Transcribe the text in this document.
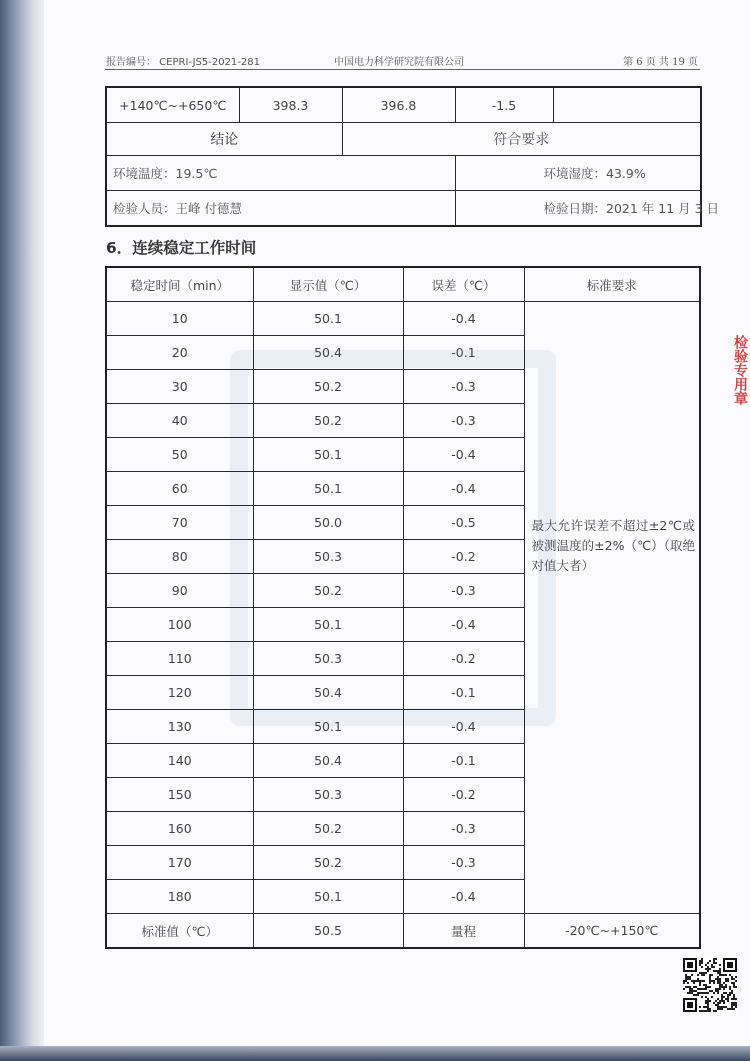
报告编号： CEPRI-JS5-2021-281	中国电力科学研究院有限公司	第 6 页 共 19 页
+140℃~+650℃	398.3	396.8	-1.5	
结论		符合要求		
环境温度：19.5℃			环境湿度：43.9%	
检验人员：王峰 付德慧			检验日期：2021 年 11 月 3 日	
6．连续稳定工作时间
稳定时间（min）	显示值（℃）	误差（℃）	标准要求
10	50.1	-0.4	最大允许误差不超过±2℃或被测温度的±2%（℃）（取绝对值大者）
20	50.4	-0.1	
30	50.2	-0.3	
40	50.2	-0.3	
50	50.1	-0.4	
60	50.1	-0.4	
70	50.0	-0.5	
80	50.3	-0.2	
90	50.2	-0.3	
100	50.1	-0.4	
110	50.3	-0.2	
120	50.4	-0.1	
130	50.1	-0.4	
140	50.4	-0.1	
150	50.3	-0.2	
160	50.2	-0.3	
170	50.2	-0.3	
180	50.1	-0.4	
标准值（℃）	50.5	量程	-20℃~+150℃
检验专用章
